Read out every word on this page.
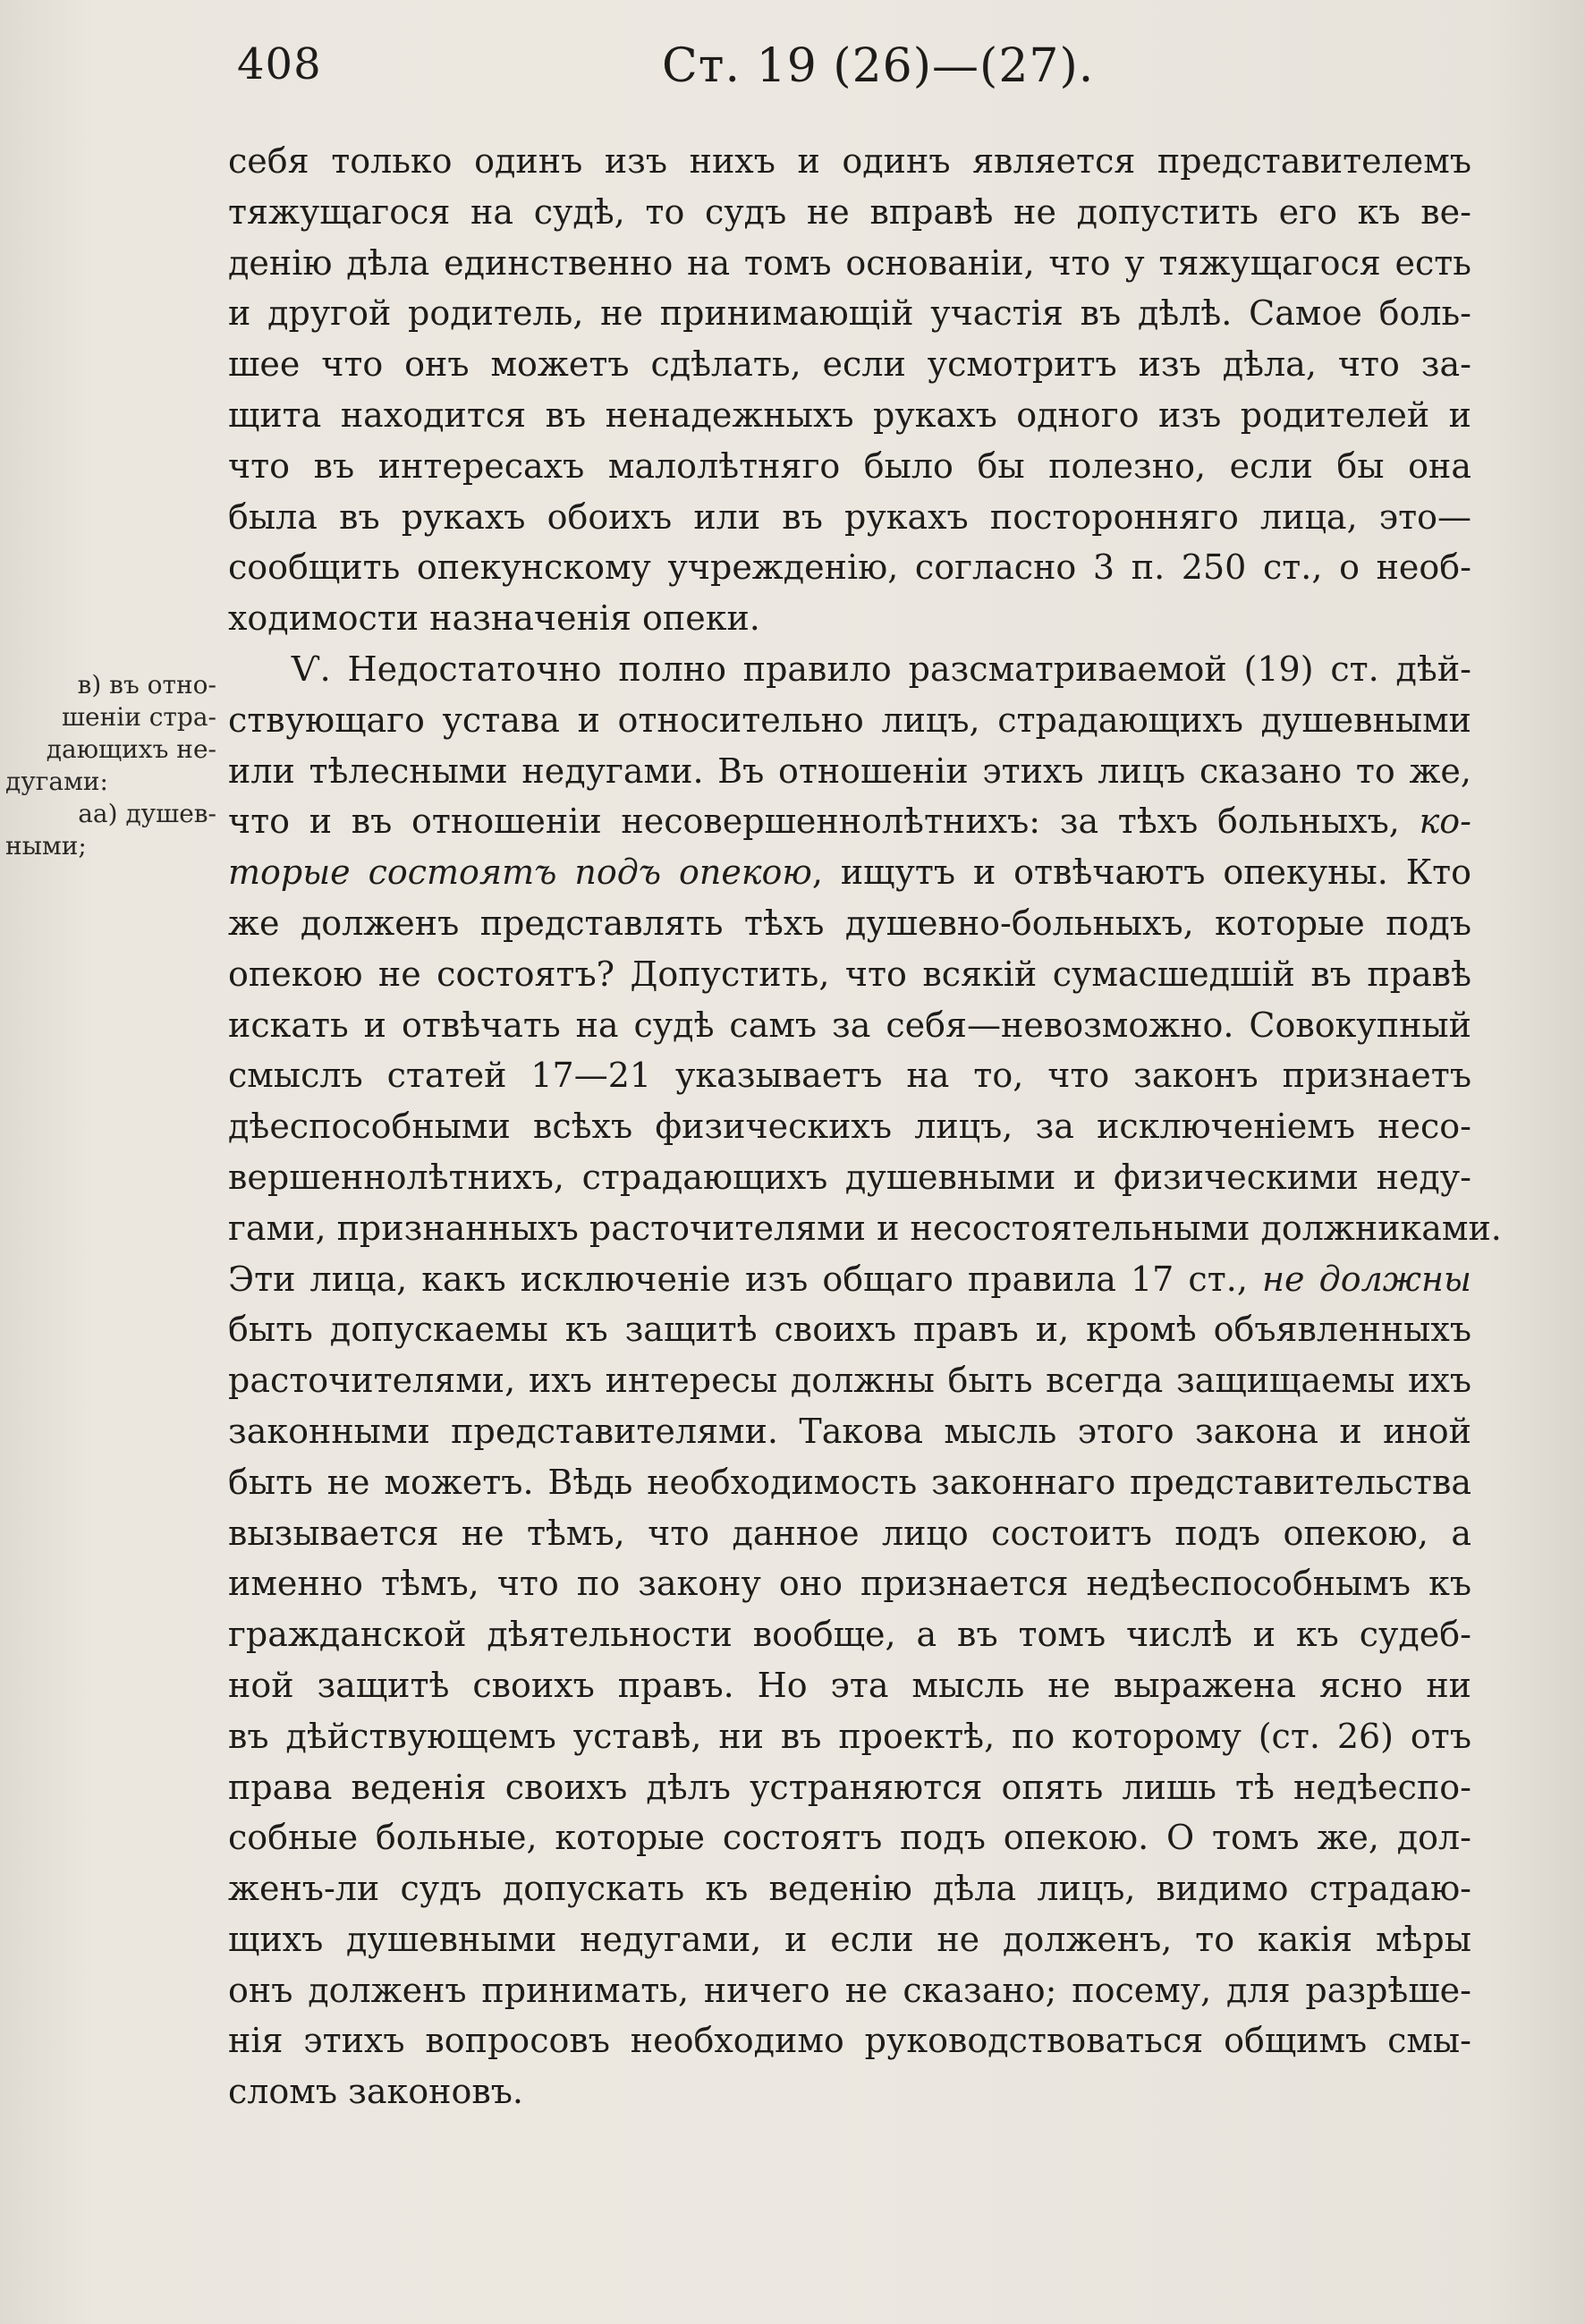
408	Ст. 19 (26)—(27).
в) въ отно-
шеніи стра-
дающихъ не-
дугами:
аа) душев-
ными;
себя только одинъ изъ нихъ и одинъ является представителемъ
тяжущагося на судѣ, то судъ не вправѣ не допустить его къ ве-
денію дѣла единственно на томъ основаніи, что у тяжущагося есть
и другой родитель, не принимающій участія въ дѣлѣ. Самое боль-
шее что онъ можетъ сдѣлать, если усмотритъ изъ дѣла, что за-
щита находится въ ненадежныхъ рукахъ одного изъ родителей и
что въ интересахъ малолѣтняго было бы полезно, если бы она
была въ рукахъ обоихъ или въ рукахъ посторонняго лица, это—
сообщить опекунскому учрежденію, согласно 3 п. 250 ст., о необ-
ходимости назначенія опеки.
Ѵ. Недостаточно полно правило разсматриваемой (19) ст. дѣй-
ствующаго устава и относительно лицъ, страдающихъ душевными
или тѣлесными недугами. Въ отношеніи этихъ лицъ сказано то же,
что и въ отношеніи несовершеннолѣтнихъ: за тѣхъ больныхъ, ко-
торые состоятъ подъ опекою, ищутъ и отвѣчаютъ опекуны. Кто
же долженъ представлять тѣхъ душевно-больныхъ, которые подъ
опекою не состоятъ? Допустить, что всякій сумасшедшій въ правѣ
искать и отвѣчать на судѣ самъ за себя—невозможно. Совокупный
смыслъ статей 17—21 указываетъ на то, что законъ признаетъ
дѣеспособными всѣхъ физическихъ лицъ, за исключеніемъ несо-
вершеннолѣтнихъ, страдающихъ душевными и физическими неду-
гами, признанныхъ расточителями и несостоятельными должниками.
Эти лица, какъ исключеніе изъ общаго правила 17 ст., не должны
быть допускаемы къ защитѣ своихъ правъ и, кромѣ объявленныхъ
расточителями, ихъ интересы должны быть всегда защищаемы ихъ
законными представителями. Такова мысль этого закона и иной
быть не можетъ. Вѣдь необходимость законнаго представительства
вызывается не тѣмъ, что данное лицо состоитъ подъ опекою, а
именно тѣмъ, что по закону оно признается недѣеспособнымъ къ
гражданской дѣятельности вообще, а въ томъ числѣ и къ судеб-
ной защитѣ своихъ правъ. Но эта мысль не выражена ясно ни
въ дѣйствующемъ уставѣ, ни въ проектѣ, по которому (ст. 26) отъ
права веденія своихъ дѣлъ устраняются опять лишь тѣ недѣеспо-
собные больные, которые состоятъ подъ опекою. О томъ же, дол-
женъ-ли судъ допускать къ веденію дѣла лицъ, видимо страдаю-
щихъ душевными недугами, и если не долженъ, то какія мѣры
онъ долженъ принимать, ничего не сказано; посему, для разрѣше-
нія этихъ вопросовъ необходимо руководствоваться общимъ смы-
сломъ законовъ.
